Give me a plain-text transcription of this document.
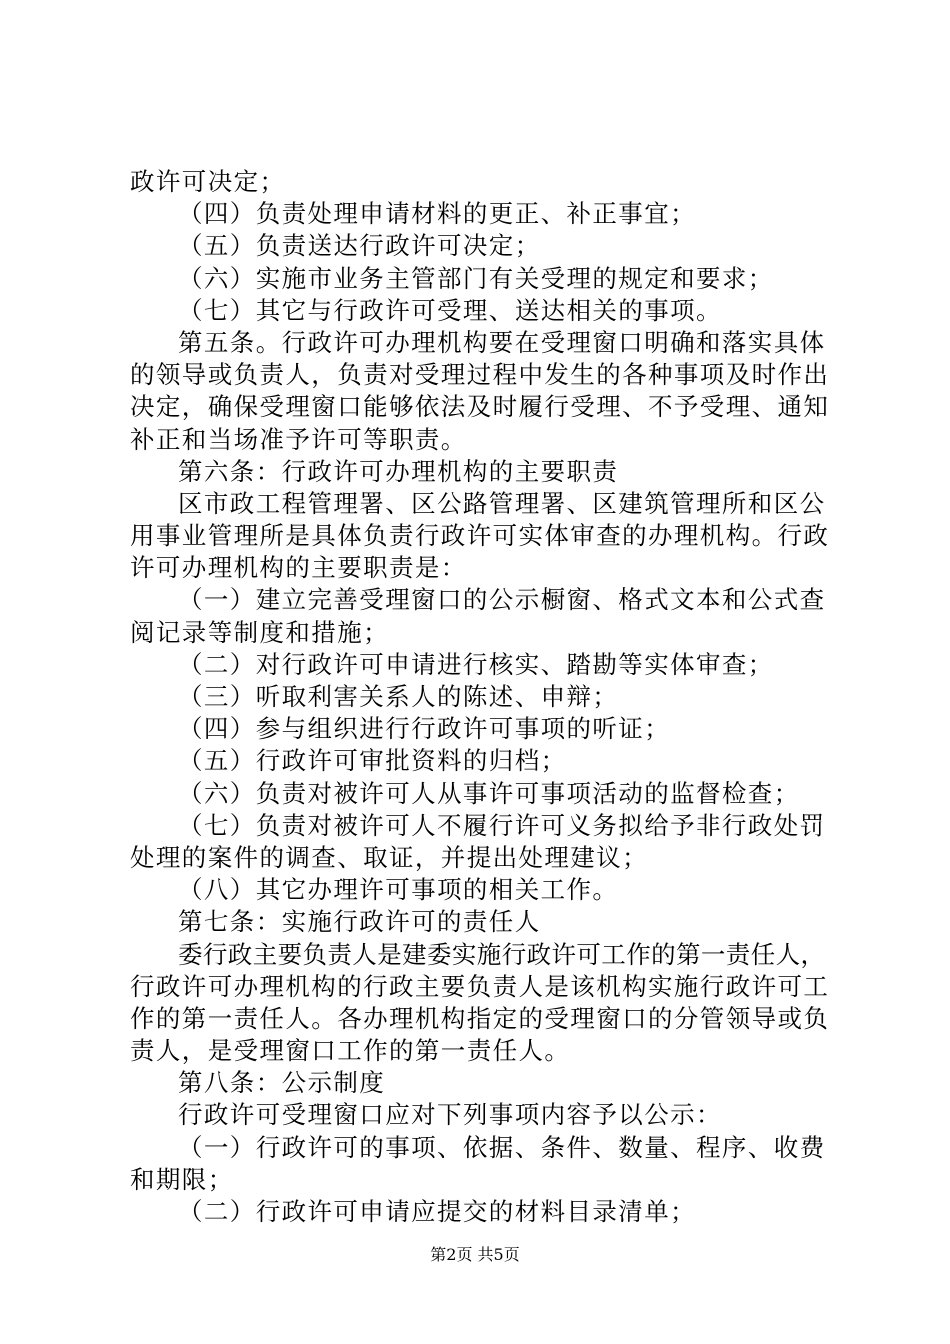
政许可决定；
（四）负责处理申请材料的更正、补正事宜；
（五）负责送达行政许可决定；
（六）实施市业务主管部门有关受理的规定和要求；
（七）其它与行政许可受理、送达相关的事项。
第五条。行政许可办理机构要在受理窗口明确和落实具体
的领导或负责人，负责对受理过程中发生的各种事项及时作出
决定，确保受理窗口能够依法及时履行受理、不予受理、通知
补正和当场准予许可等职责。
第六条：行政许可办理机构的主要职责
区市政工程管理署、区公路管理署、区建筑管理所和区公
用事业管理所是具体负责行政许可实体审查的办理机构。行政
许可办理机构的主要职责是：
（一）建立完善受理窗口的公示橱窗、格式文本和公式查
阅记录等制度和措施；
（二）对行政许可申请进行核实、踏勘等实体审查；
（三）听取利害关系人的陈述、申辩；
（四）参与组织进行行政许可事项的听证；
（五）行政许可审批资料的归档；
（六）负责对被许可人从事许可事项活动的监督检查；
（七）负责对被许可人不履行许可义务拟给予非行政处罚
处理的案件的调查、取证，并提出处理建议；
（八）其它办理许可事项的相关工作。
第七条：实施行政许可的责任人
委行政主要负责人是建委实施行政许可工作的第一责任人，
行政许可办理机构的行政主要负责人是该机构实施行政许可工
作的第一责任人。各办理机构指定的受理窗口的分管领导或负
责人，是受理窗口工作的第一责任人。
第八条：公示制度
行政许可受理窗口应对下列事项内容予以公示：
（一）行政许可的事项、依据、条件、数量、程序、收费
和期限；
（二）行政许可申请应提交的材料目录清单；
第2页 共5页
